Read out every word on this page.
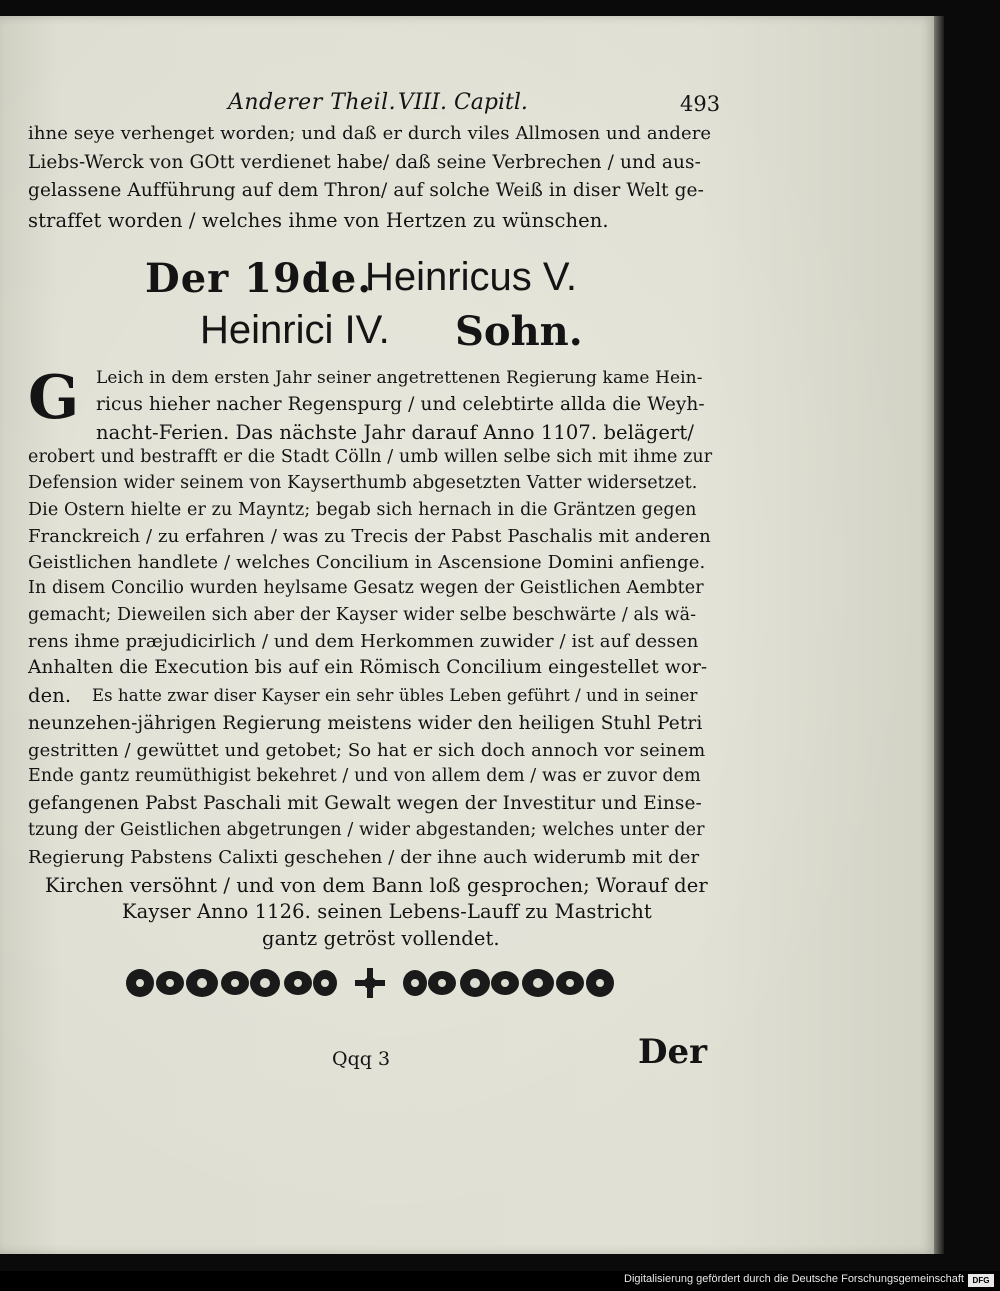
Anderer Theil. VIII. Capitl.	493
ihne seye verhenget worden; und daß er durch viles Allmosen und andere
Liebs-Werck von GOtt verdienet habe/ daß seine Verbrechen / und aus-
gelassene Aufführung auf dem Thron/ auf solche Weiß in diser Welt ge-
straffet worden / welches ihme von Hertzen zu wünschen.
Der 19de.
Heinricus V.
Heinrici IV. Sohn.
G Leich in dem ersten Jahr seiner angetrettenen Regierung kame Hein-
ricus hieher nacher Regenspurg / und celebtirte allda die Weyh-
nacht-Ferien. Das nächste Jahr darauf Anno 1107. belägert/
erobert und bestrafft er die Stadt Cölln / umb willen selbe sich mit ihme zur
Defension wider seinem von Kayserthumb abgesetzten Vatter widersetzet.
Die Ostern hielte er zu Mayntz; begab sich hernach in die Gräntzen gegen
Franckreich / zu erfahren / was zu Trecis der Pabst Paschalis mit anderen
Geistlichen handlete / welches Concilium in Ascensione Domini anfienge.
In disem Concilio wurden heylsame Gesatz wegen der Geistlichen Aembter
gemacht; Dieweilen sich aber der Kayser wider selbe beschwärte / als wä-
rens ihme præjudicirlich / und dem Herkommen zuwider / ist auf dessen
Anhalten die Execution bis auf ein Römisch Concilium eingestellet wor-
den. Es hatte zwar diser Kayser ein sehr übles Leben geführt / und in seiner
neunzehen-jährigen Regierung meistens wider den heiligen Stuhl Petri
gestritten / gewüttet und getobet; So hat er sich doch annoch vor seinem
Ende gantz reumüthigist bekehret / und von allem dem / was er zuvor dem
gefangenen Pabst Paschali mit Gewalt wegen der Investitur und Einse-
tzung der Geistlichen abgetrungen / wider abgestanden; welches unter der
Regierung Pabstens Calixti geschehen / der ihne auch widerumb mit der
Kirchen versöhnt / und von dem Bann loß gesprochen; Worauf der
Kayser Anno 1126. seinen Lebens-Lauff zu Mastricht
gantz getröst vollendet.
Qqq 3	Der
Digitalisierung gefördert durch die Deutsche Forschungsgemeinschaft	DFG
